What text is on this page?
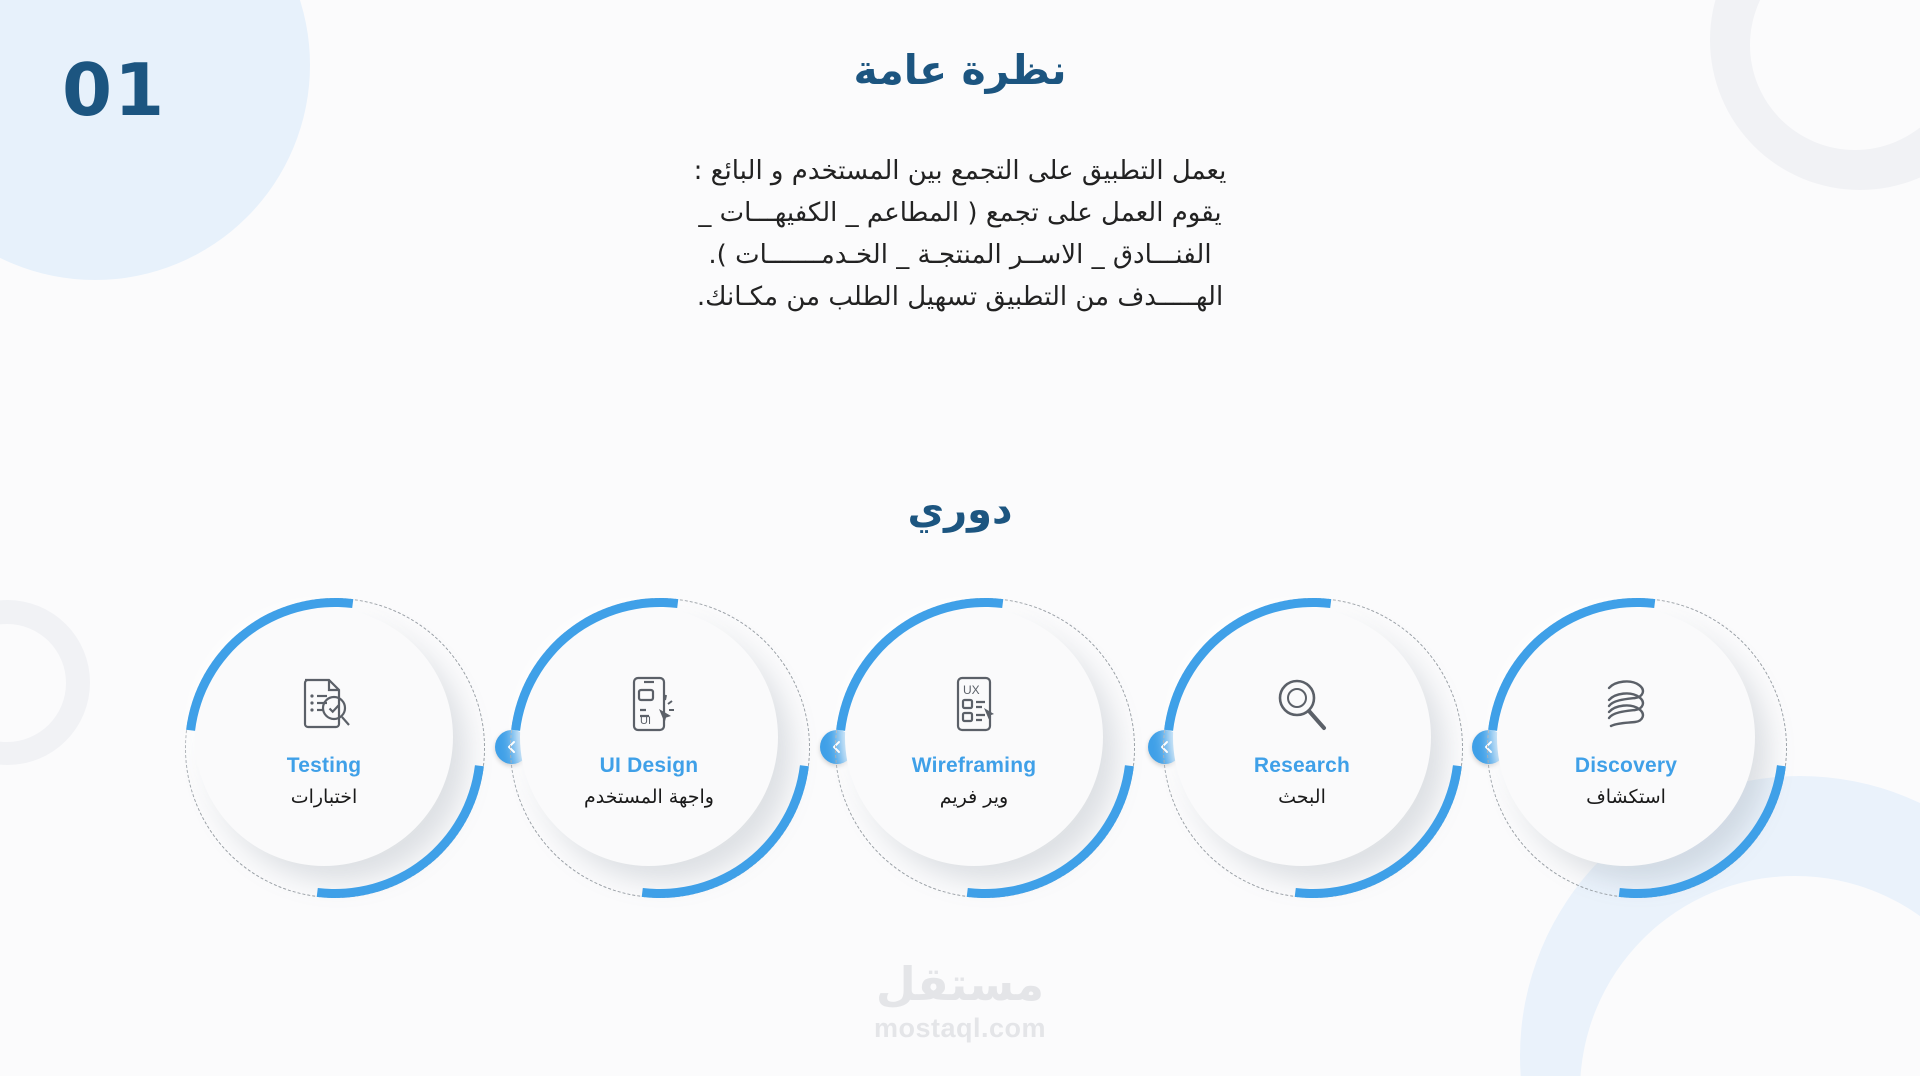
01	نظرة عامة
يعمل التطبيق على التجمع بين المستخدم و البائع :
يقوم العمل على تجمع ( المطاعم _ الكفيهـــات _
الفنـــادق _ الاســر المنتجـة _ الخـدمـــــــات ).
الهـــــدف من التطبيق تسهيل الطلب من مكـانك.
دوري
Testing
اختبارات
UI
UI Design
واجهة المستخدم
UX
Wireframing
وير فريم
Research
البحث
Discovery
استكشاف
مستقل
mostaql.com
